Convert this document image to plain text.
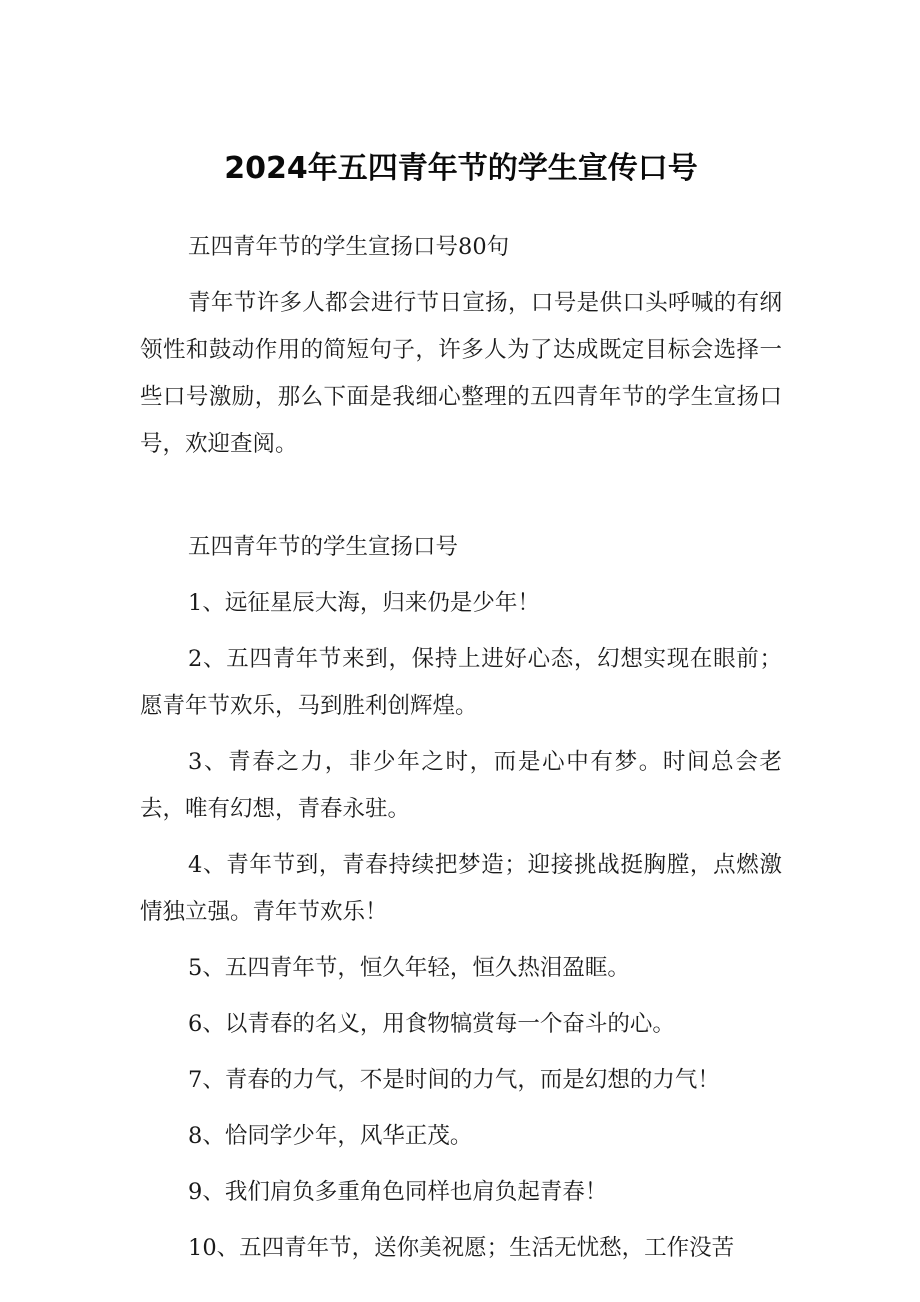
2024年五四青年节的学生宣传口号

五四青年节的学生宣扬口号80句

青年节许多人都会进行节日宣扬，口号是供口头呼喊的有纲领性和鼓动作用的简短句子，许多人为了达成既定目标会选择一些口号激励，那么下面是我细心整理的五四青年节的学生宣扬口号，欢迎查阅。

五四青年节的学生宣扬口号

1、远征星辰大海，归来仍是少年！

2、五四青年节来到，保持上进好心态，幻想实现在眼前；愿青年节欢乐，马到胜利创辉煌。

3、青春之力，非少年之时，而是心中有梦。时间总会老去，唯有幻想，青春永驻。

4、青年节到，青春持续把梦造；迎接挑战挺胸膛，点燃激情独立强。青年节欢乐！

5、五四青年节，恒久年轻，恒久热泪盈眶。

6、以青春的名义，用食物犒赏每一个奋斗的心。

7、青春的力气，不是时间的力气，而是幻想的力气！

8、恰同学少年，风华正茂。

9、我们肩负多重角色同样也肩负起青春！

10、五四青年节，送你美祝愿；生活无忧愁，工作没苦
